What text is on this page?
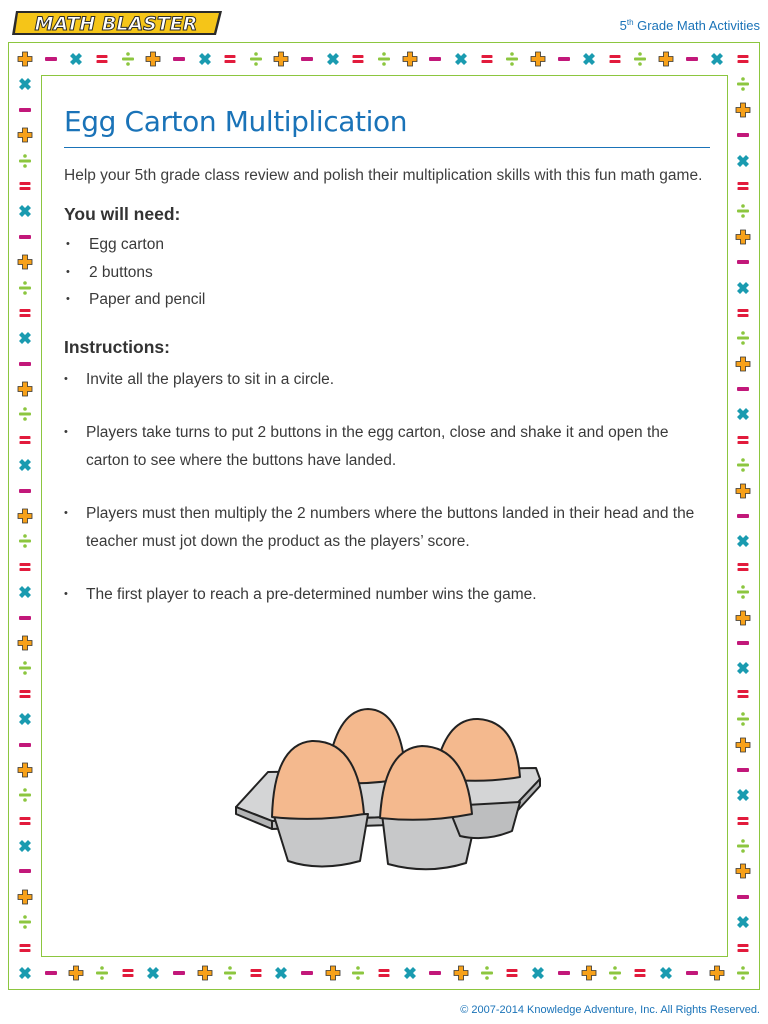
MATH BLASTER	5th Grade Math Activities
Egg Carton Multiplication

Help your 5th grade class review and polish their multiplication skills with this fun math game.

You will need:
• Egg carton
• 2 buttons
• Paper and pencil
Instructions:
• Invite all the players to sit in a circle.
• Players take turns to put 2 buttons in the egg carton, close and shake it and open the carton to see where the buttons have landed.
• Players must then multiply the 2 numbers where the buttons landed in their head and the teacher must jot down the product as the players’ score.
• The first player to reach a pre-determined number wins the game.
© 2007-2014 Knowledge Adventure, Inc. All Rights Reserved.
